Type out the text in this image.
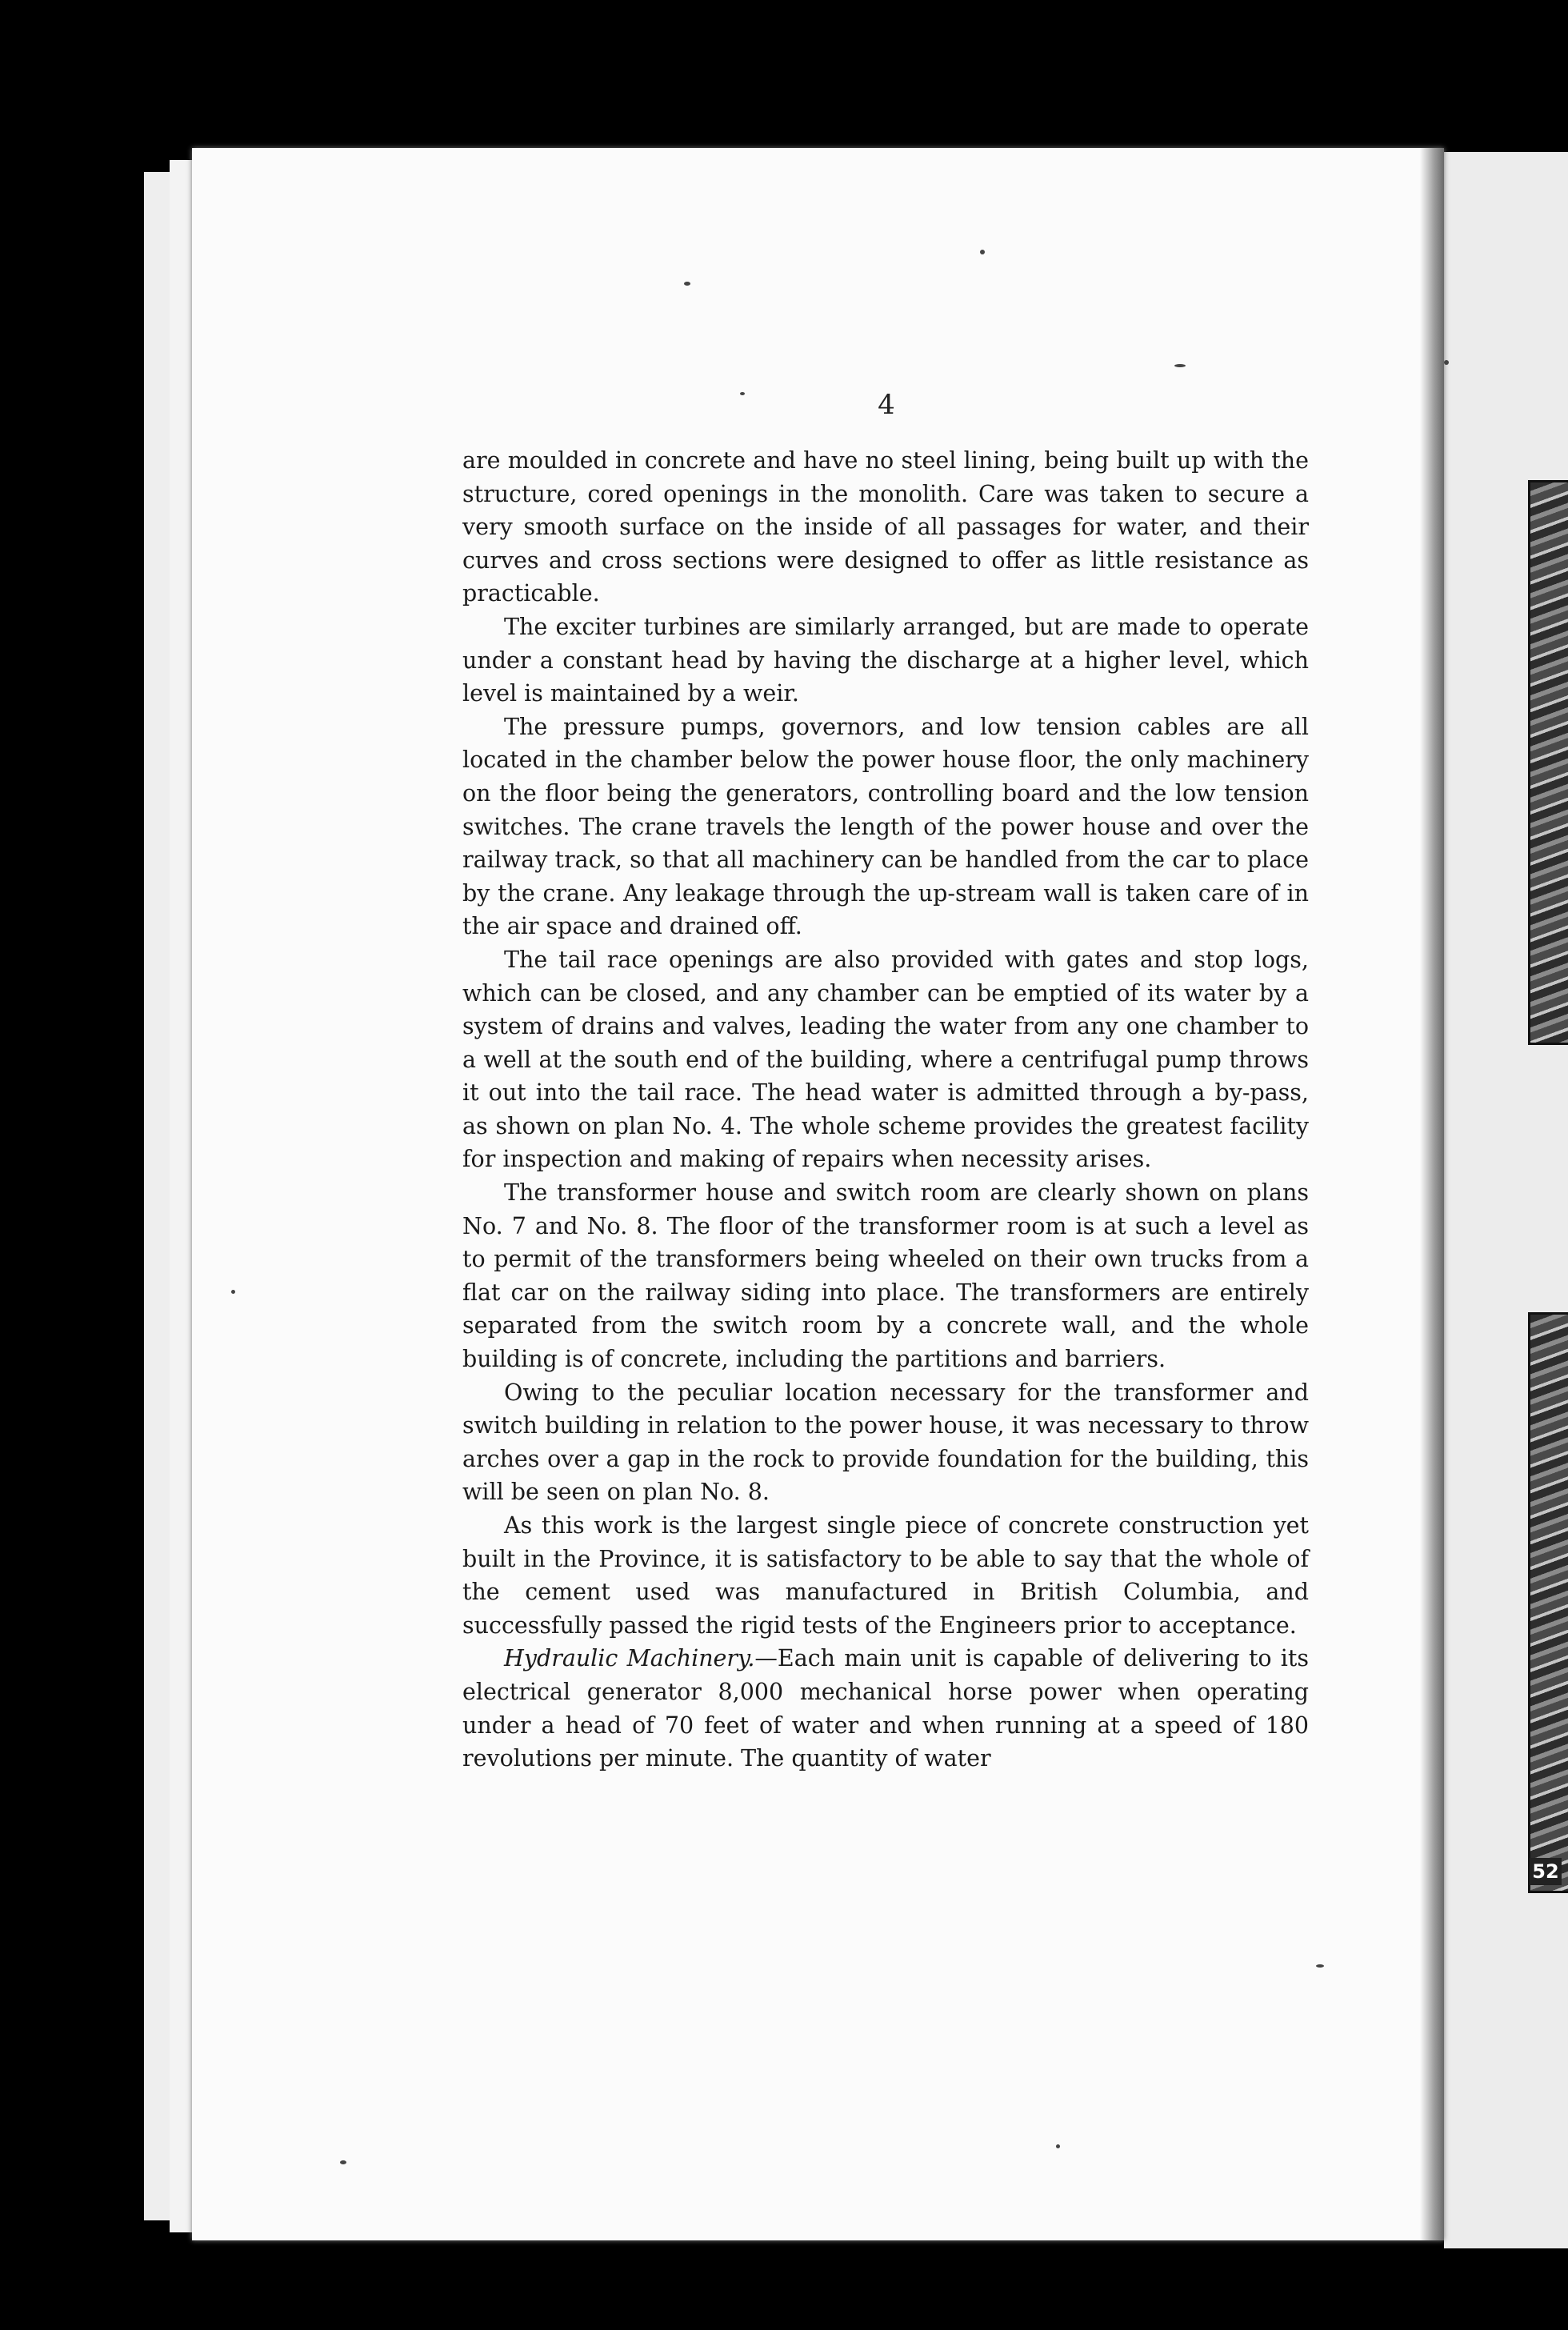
52
4

are moulded in concrete and have no steel lining, being built up with the structure, cored openings in the monolith. Care was taken to secure a very smooth surface on the inside of all passages for water, and their curves and cross sections were designed to offer as little resistance as practicable.

The exciter turbines are similarly arranged, but are made to operate under a constant head by having the discharge at a higher level, which level is maintained by a weir.

The pressure pumps, governors, and low tension cables are all located in the chamber below the power house floor, the only machinery on the floor being the generators, controlling board and the low tension switches. The crane travels the length of the power house and over the railway track, so that all machinery can be handled from the car to place by the crane. Any leakage through the up-stream wall is taken care of in the air space and drained off.

The tail race openings are also provided with gates and stop logs, which can be closed, and any chamber can be emptied of its water by a system of drains and valves, leading the water from any one chamber to a well at the south end of the building, where a centrifugal pump throws it out into the tail race. The head water is admitted through a by-pass, as shown on plan No. 4. The whole scheme provides the greatest facility for inspection and making of repairs when necessity arises.

The transformer house and switch room are clearly shown on plans No. 7 and No. 8. The floor of the transformer room is at such a level as to permit of the transformers being wheeled on their own trucks from a flat car on the railway siding into place. The transformers are entirely separated from the switch room by a concrete wall, and the whole building is of concrete, including the partitions and barriers.

Owing to the peculiar location necessary for the transformer and switch building in relation to the power house, it was necessary to throw arches over a gap in the rock to provide foundation for the building, this will be seen on plan No. 8.

As this work is the largest single piece of concrete construction yet built in the Province, it is satisfactory to be able to say that the whole of the cement used was manufactured in British Columbia, and successfully passed the rigid tests of the Engineers prior to acceptance.

Hydraulic Machinery.—Each main unit is capable of delivering to its electrical generator 8,000 mechanical horse power when operating under a head of 70 feet of water and when running at a speed of 180 revolutions per minute. The quantity of water
